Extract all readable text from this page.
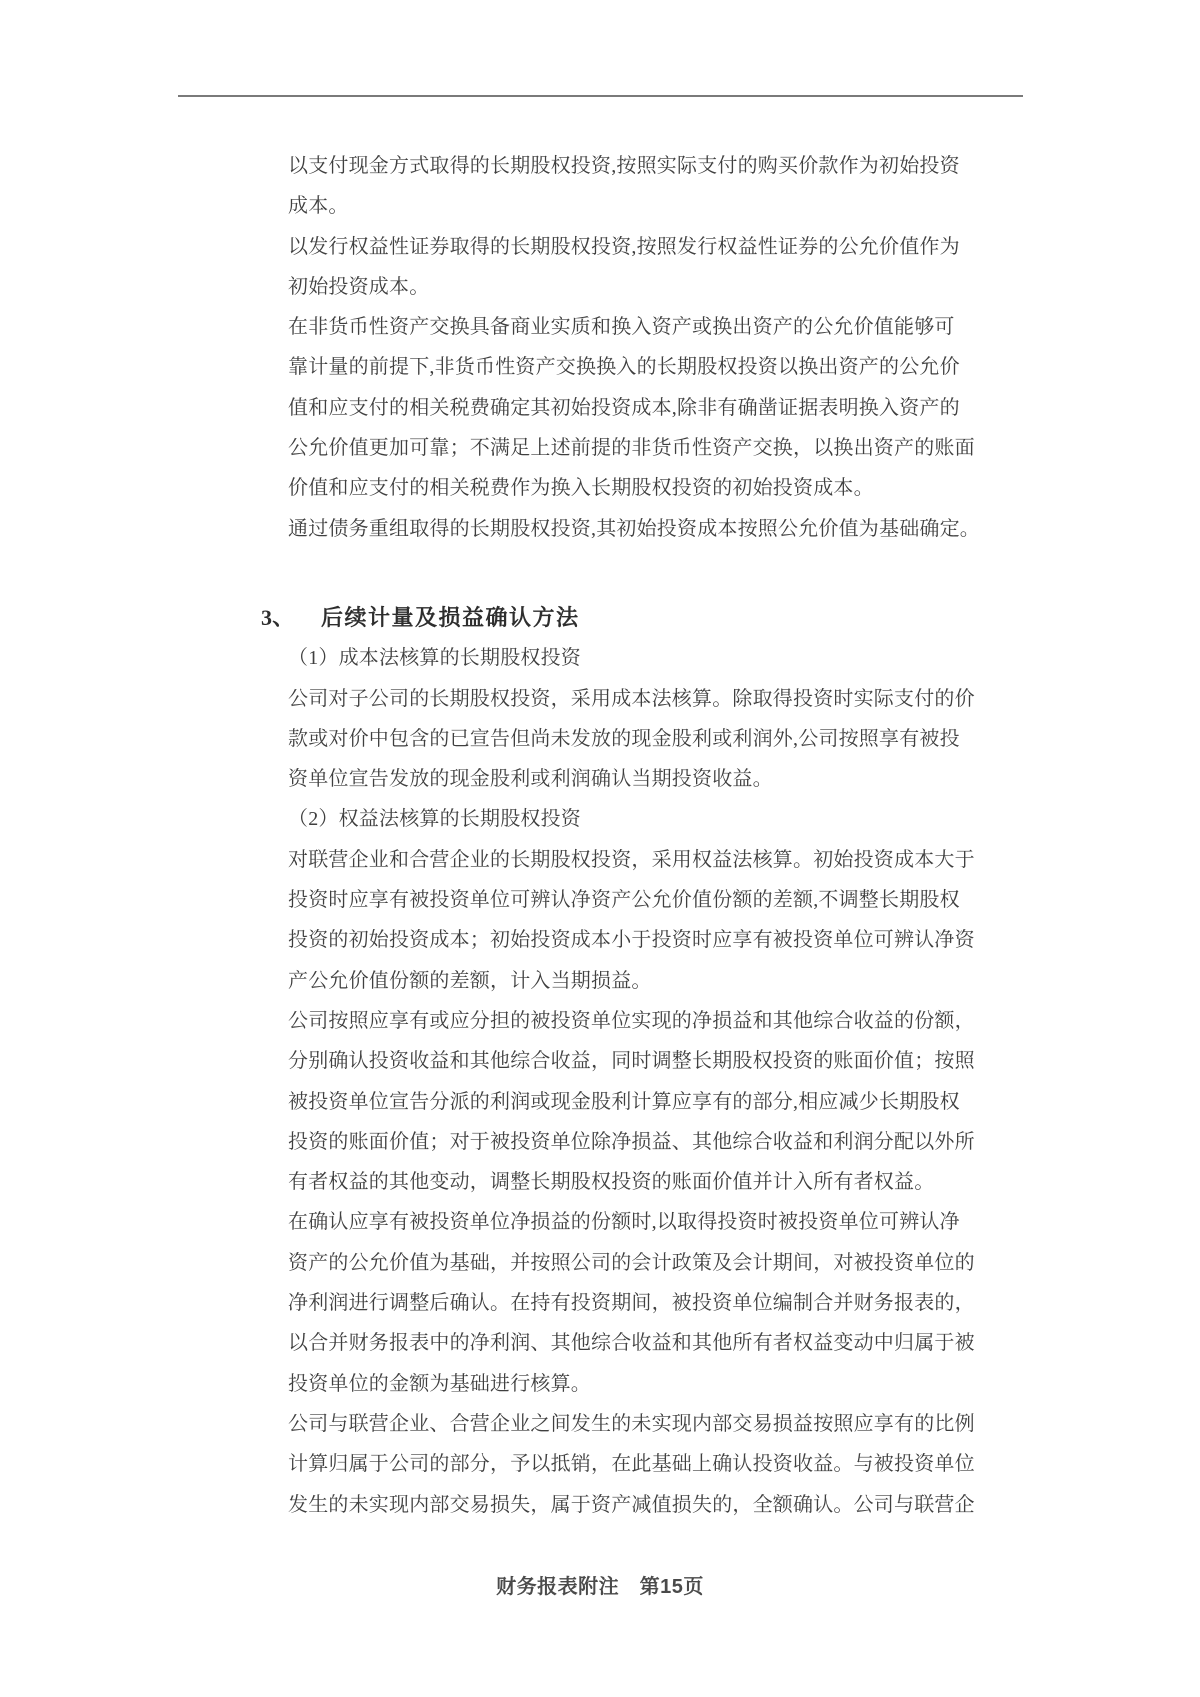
以支付现金方式取得的长期股权投资,按照实际支付的购买价款作为初始投资
成本。
以发行权益性证券取得的长期股权投资,按照发行权益性证券的公允价值作为
初始投资成本。
在非货币性资产交换具备商业实质和换入资产或换出资产的公允价值能够可
靠计量的前提下,非货币性资产交换换入的长期股权投资以换出资产的公允价
值和应支付的相关税费确定其初始投资成本,除非有确凿证据表明换入资产的
公允价值更加可靠；不满足上述前提的非货币性资产交换，以换出资产的账面
价值和应支付的相关税费作为换入长期股权投资的初始投资成本。
通过债务重组取得的长期股权投资,其初始投资成本按照公允价值为基础确定。
3、 后续计量及损益确认方法
（1）成本法核算的长期股权投资
公司对子公司的长期股权投资，采用成本法核算。除取得投资时实际支付的价
款或对价中包含的已宣告但尚未发放的现金股利或利润外,公司按照享有被投
资单位宣告发放的现金股利或利润确认当期投资收益。
（2）权益法核算的长期股权投资
对联营企业和合营企业的长期股权投资，采用权益法核算。初始投资成本大于
投资时应享有被投资单位可辨认净资产公允价值份额的差额,不调整长期股权
投资的初始投资成本；初始投资成本小于投资时应享有被投资单位可辨认净资
产公允价值份额的差额，计入当期损益。
公司按照应享有或应分担的被投资单位实现的净损益和其他综合收益的份额，
分别确认投资收益和其他综合收益，同时调整长期股权投资的账面价值；按照
被投资单位宣告分派的利润或现金股利计算应享有的部分,相应减少长期股权
投资的账面价值；对于被投资单位除净损益、其他综合收益和利润分配以外所
有者权益的其他变动，调整长期股权投资的账面价值并计入所有者权益。
在确认应享有被投资单位净损益的份额时,以取得投资时被投资单位可辨认净
资产的公允价值为基础，并按照公司的会计政策及会计期间，对被投资单位的
净利润进行调整后确认。在持有投资期间，被投资单位编制合并财务报表的，
以合并财务报表中的净利润、其他综合收益和其他所有者权益变动中归属于被
投资单位的金额为基础进行核算。
公司与联营企业、合营企业之间发生的未实现内部交易损益按照应享有的比例
计算归属于公司的部分，予以抵销，在此基础上确认投资收益。与被投资单位
发生的未实现内部交易损失，属于资产减值损失的，全额确认。公司与联营企
财务报表附注　第15页
